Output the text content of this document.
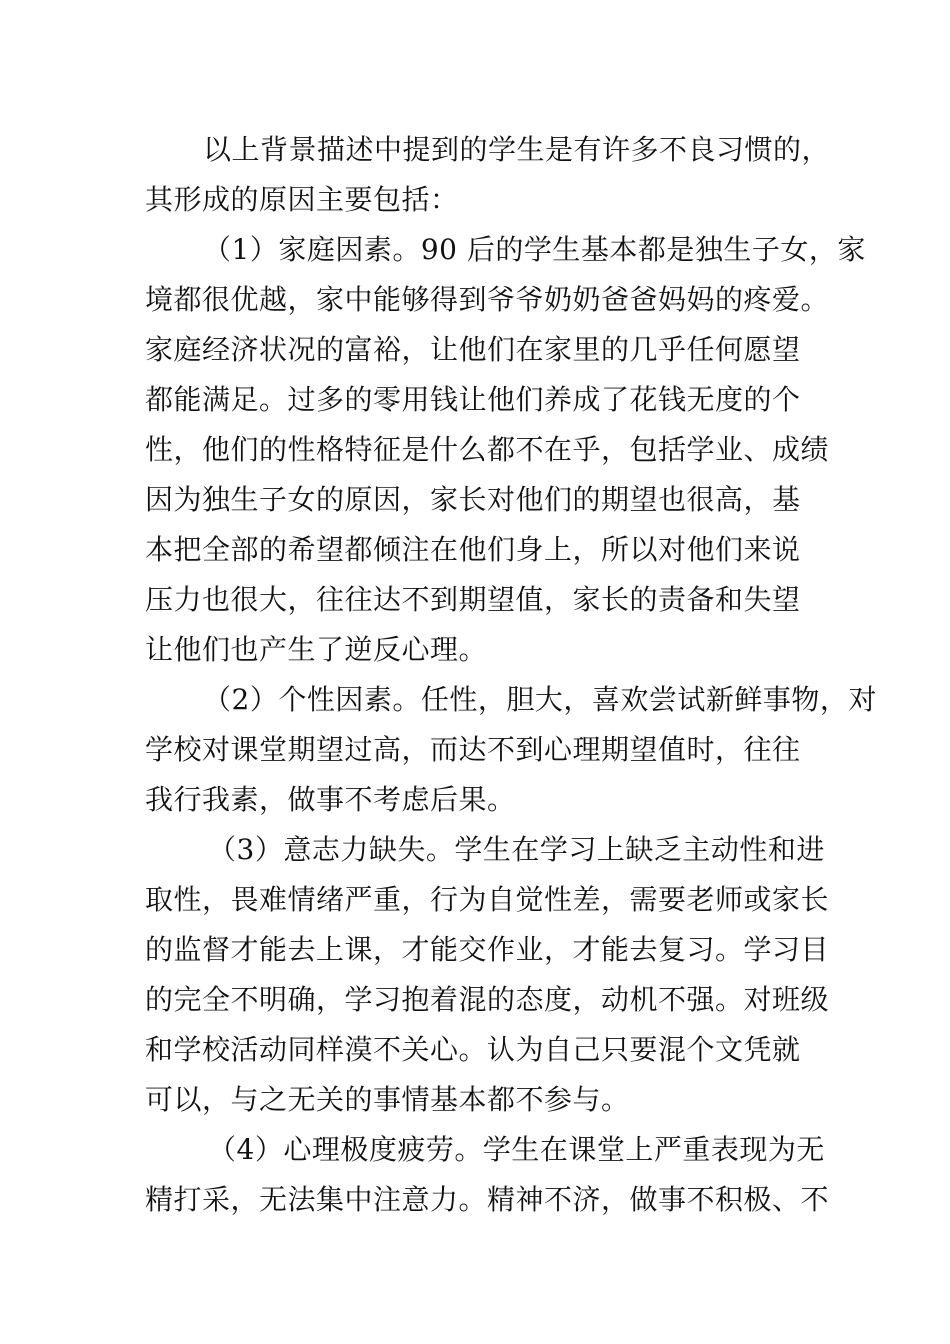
以上背景描述中提到的学生是有许多不良习惯的，
其形成的原因主要包括：
（1）家庭因素。90 后的学生基本都是独生子女，家
境都很优越，家中能够得到爷爷奶奶爸爸妈妈的疼爱。
家庭经济状况的富裕，让他们在家里的几乎任何愿望
都能满足。过多的零用钱让他们养成了花钱无度的个
性，他们的性格特征是什么都不在乎，包括学业、成绩
因为独生子女的原因，家长对他们的期望也很高，基
本把全部的希望都倾注在他们身上，所以对他们来说
压力也很大，往往达不到期望值，家长的责备和失望
让他们也产生了逆反心理。
（2）个性因素。任性，胆大，喜欢尝试新鲜事物，对
学校对课堂期望过高，而达不到心理期望值时，往往
我行我素，做事不考虑后果。
（3）意志力缺失。学生在学习上缺乏主动性和进
取性，畏难情绪严重，行为自觉性差，需要老师或家长
的监督才能去上课，才能交作业，才能去复习。学习目
的完全不明确，学习抱着混的态度，动机不强。对班级
和学校活动同样漠不关心。认为自己只要混个文凭就
可以，与之无关的事情基本都不参与。
（4）心理极度疲劳。学生在课堂上严重表现为无
精打采，无法集中注意力。精神不济，做事不积极、不
